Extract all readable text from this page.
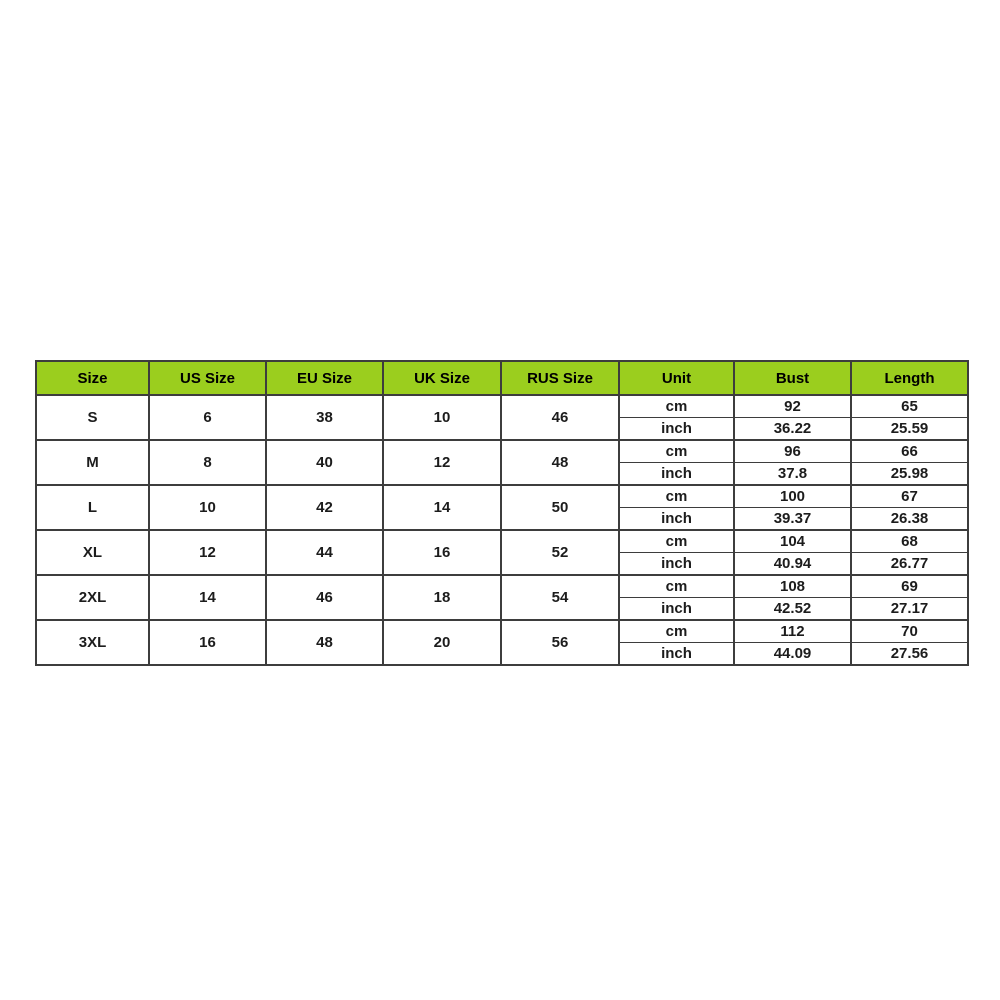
Size	US Size	EU Size	UK Size	RUS Size	Unit	Bust	Length
S	6	38	10	46	cm	92	65
					inch	36.22	25.59
M	8	40	12	48	cm	96	66
					inch	37.8	25.98
L	10	42	14	50	cm	100	67
					inch	39.37	26.38
XL	12	44	16	52	cm	104	68
					inch	40.94	26.77
2XL	14	46	18	54	cm	108	69
					inch	42.52	27.17
3XL	16	48	20	56	cm	112	70
					inch	44.09	27.56
